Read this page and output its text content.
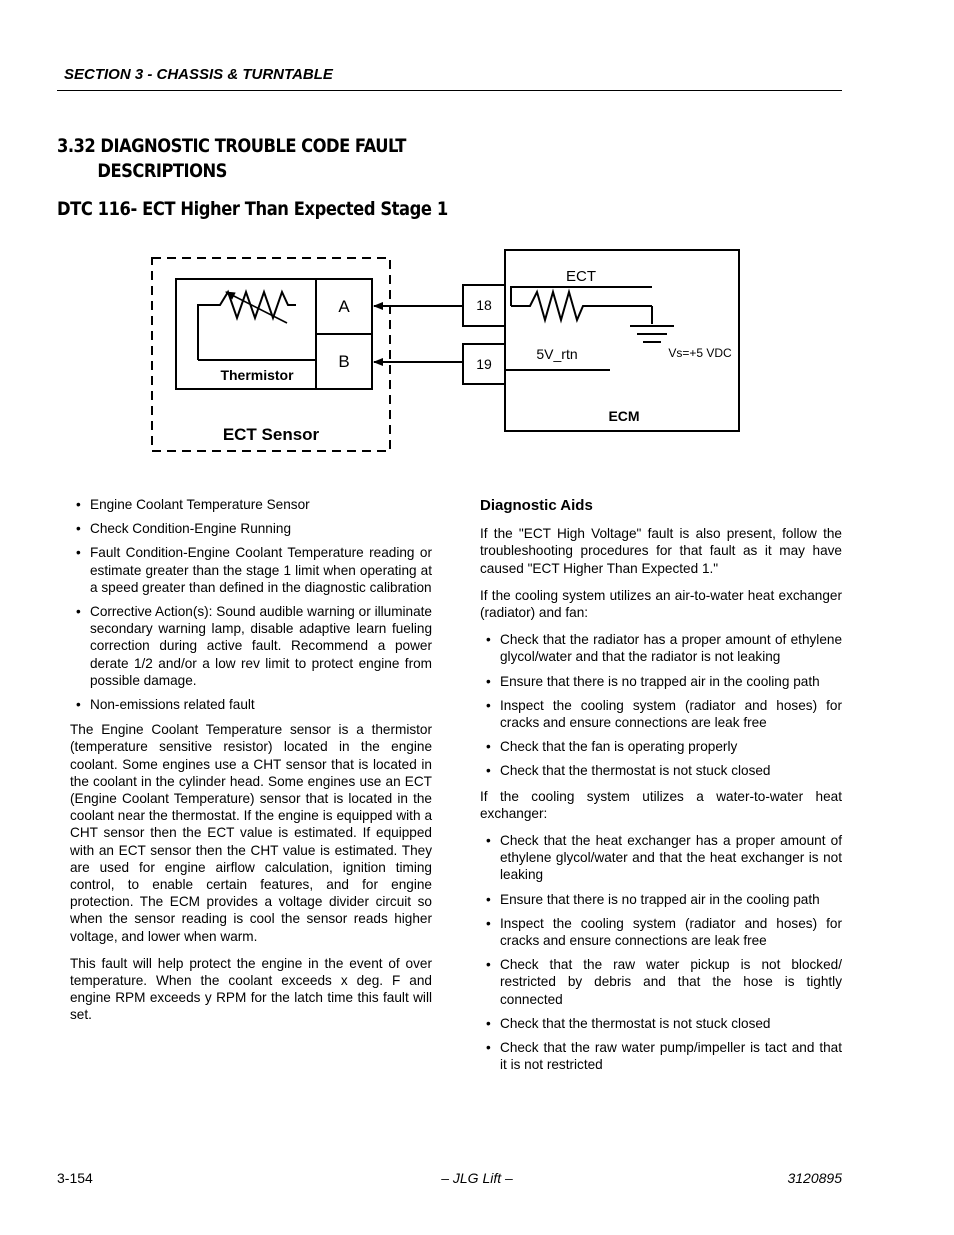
SECTION 3 - CHASSIS & TURNTABLE
3.32 DIAGNOSTIC TROUBLE CODE FAULT
DESCRIPTIONS
DTC 116- ECT Higher Than Expected Stage 1
A
B
Thermistor
ECT Sensor
18
19
ECT
Vs=+5 VDC
5V_rtn
ECM
• Engine Coolant Temperature Sensor
• Check Condition-Engine Running
• Fault Condition-Engine Coolant Temperature reading or estimate greater than the stage 1 limit when operating at a speed greater than defined in the diagnostic calibration
• Corrective Action(s): Sound audible warning or illuminate secondary warning lamp, disable adaptive learn fueling correction during active fault. Recommend a power derate 1/2 and/or a low rev limit to protect engine from possible damage.
• Non-emissions related fault

The Engine Coolant Temperature sensor is a thermistor (temperature sensitive resistor) located in the engine coolant. Some engines use a CHT sensor that is located in the coolant in the cylinder head. Some engines use an ECT (Engine Coolant Temperature) sensor that is located in the coolant near the thermostat. If the engine is equipped with a CHT sensor then the ECT value is estimated. If equipped with an ECT sensor then the CHT value is estimated. They are used for engine airflow calculation, ignition timing control, to enable certain features, and for engine protection. The ECM provides a voltage divider circuit so when the sensor reading is cool the sensor reads higher voltage, and lower when warm.

This fault will help protect the engine in the event of over temperature. When the coolant exceeds x deg. F and engine RPM exceeds y RPM for the latch time this fault will set.

Diagnostic Aids

If the "ECT High Voltage" fault is also present, follow the troubleshooting procedures for that fault as it may have caused "ECT Higher Than Expected 1."

If the cooling system utilizes an air-to-water heat exchanger (radiator) and fan:

• Check that the radiator has a proper amount of ethylene glycol/water and that the radiator is not leaking
• Ensure that there is no trapped air in the cooling path
• Inspect the cooling system (radiator and hoses) for cracks and ensure connections are leak free
• Check that the fan is operating properly
• Check that the thermostat is not stuck closed

If the cooling system utilizes a water-to-water heat exchanger:

• Check that the heat exchanger has a proper amount of ethylene glycol/water and that the heat exchanger is not leaking
• Ensure that there is no trapped air in the cooling path
• Inspect the cooling system (radiator and hoses) for cracks and ensure connections are leak free
• Check that the raw water pickup is not blocked/ restricted by debris and that the hose is tightly connected
• Check that the thermostat is not stuck closed
• Check that the raw water pump/impeller is tact and that it is not restricted
3-154	– JLG Lift –	3120895
